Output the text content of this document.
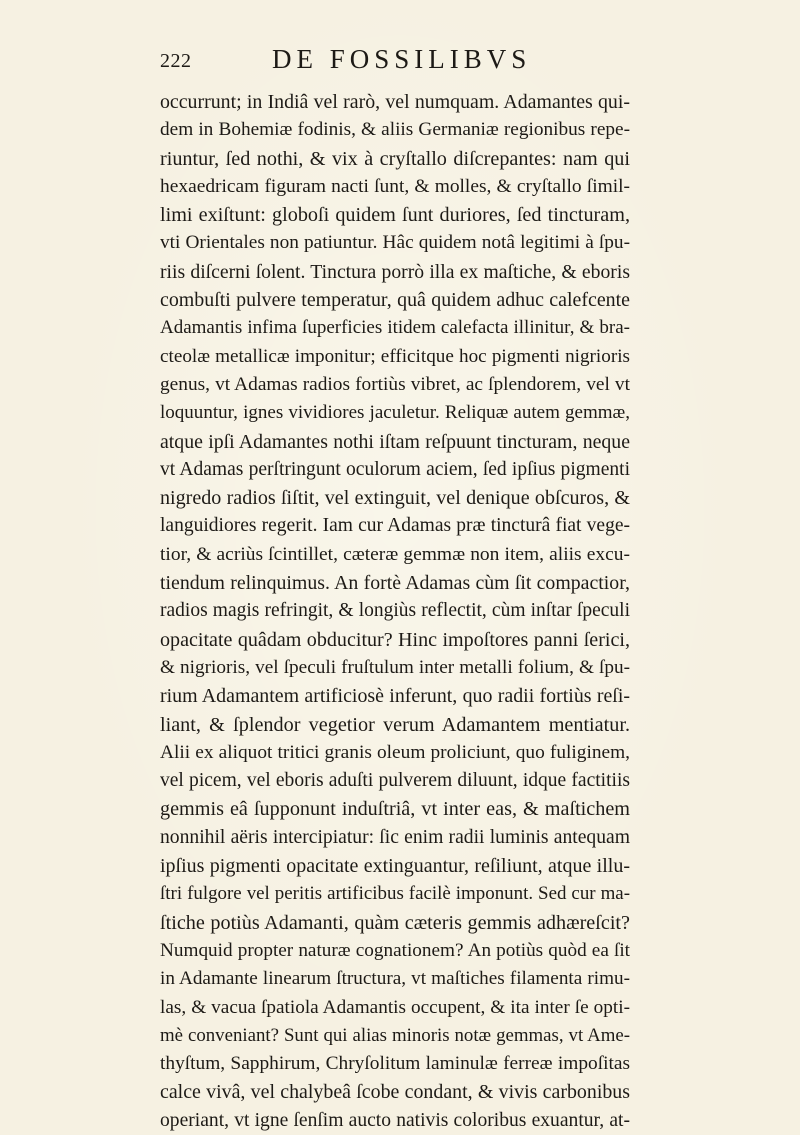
222	DE FOSSILIBVS
occurrunt; in Indiâ vel rarò, vel numquam. Adamantes qui-
dem in Bohemiæ fodinis, & aliis Germaniæ regionibus repe-
riuntur, ſed nothi, & vix à cryſtallo diſcrepantes: nam qui
hexaedricam figuram nacti ſunt, & molles, & cryſtallo ſimil-
limi exiſtunt: globoſi quidem ſunt duriores, ſed tincturam,
vti Orientales non patiuntur. Hâc quidem notâ legitimi à ſpu-
riis diſcerni ſolent. Tinctura porrò illa ex maſtiche, & eboris
combuſti pulvere temperatur, quâ quidem adhuc calefcente
Adamantis infima ſuperficies itidem calefacta illinitur, & bra-
cteolæ metallicæ imponitur; efficitque hoc pigmenti nigrioris
genus, vt Adamas radios fortiùs vibret, ac ſplendorem, vel vt
loquuntur, ignes vividiores jaculetur. Reliquæ autem gemmæ,
atque ipſi Adamantes nothi iſtam reſpuunt tincturam, neque
vt Adamas perſtringunt oculorum aciem, ſed ipſius pigmenti
nigredo radios ſiſtit, vel extinguit, vel denique obſcuros, &
languidiores regerit. Iam cur Adamas præ tincturâ fiat vege-
tior, & acriùs ſcintillet, cæteræ gemmæ non item, aliis excu-
tiendum relinquimus. An fortè Adamas cùm ſit compactior,
radios magis refringit, & longiùs reflectit, cùm inſtar ſpeculi
opacitate quâdam obducitur? Hinc impoſtores panni ſerici,
& nigrioris, vel ſpeculi fruſtulum inter metalli folium, & ſpu-
rium Adamantem artificiosè inferunt, quo radii fortiùs reſi-
liant, & ſplendor vegetior verum Adamantem mentiatur.
Alii ex aliquot tritici granis oleum proliciunt, quo fuliginem,
vel picem, vel eboris aduſti pulverem diluunt, idque factitiis
gemmis eâ ſupponunt induſtriâ, vt inter eas, & maſtichem
nonnihil aëris intercipiatur: ſic enim radii luminis antequam
ipſius pigmenti opacitate extinguantur, reſiliunt, atque illu-
ſtri fulgore vel peritis artificibus facilè imponunt. Sed cur ma-
ſtiche potiùs Adamanti, quàm cæteris gemmis adhæreſcit?
Numquid propter naturæ cognationem? An potiùs quòd ea ſit
in Adamante linearum ſtructura, vt maſtiches filamenta rimu-
las, & vacua ſpatiola Adamantis occupent, & ita inter ſe opti-
mè conveniant? Sunt qui alias minoris notæ gemmas, vt Ame-
thyſtum, Sapphirum, Chryſolitum laminulæ ferreæ impoſitas
calce vivâ, vel chalybeâ ſcobe condant, & vivis carbonibus
operiant, vt igne ſenſim aucto nativis coloribus exuantur, at-
